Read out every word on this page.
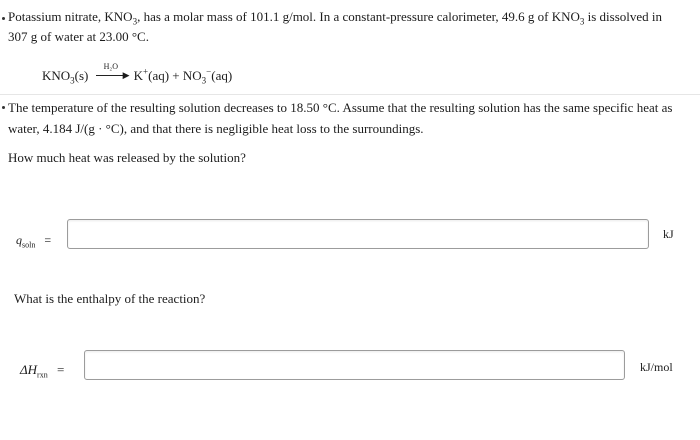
Potassium nitrate, $KNO_3$, has a molar mass of 101.1 g/mol. In a constant-pressure calorimeter, 49.6 g of $KNO_3$ is dissolved in
307 g of water at 23.00 °C.
$KNO_3(s)$
H₂O
▶ $K^+(aq) + NO_3^-(aq)$
The temperature of the resulting solution decreases to 18.50 °C. Assume that the resulting solution has the same specific heat as
water, 4.184 J/(g · °C), and that there is negligible heat loss to the surroundings.
How much heat was released by the solution?
$q_{soln}$ =	kJ
What is the enthalpy of the reaction?
$\Delta H_{rxn}$ =	kJ/mol
